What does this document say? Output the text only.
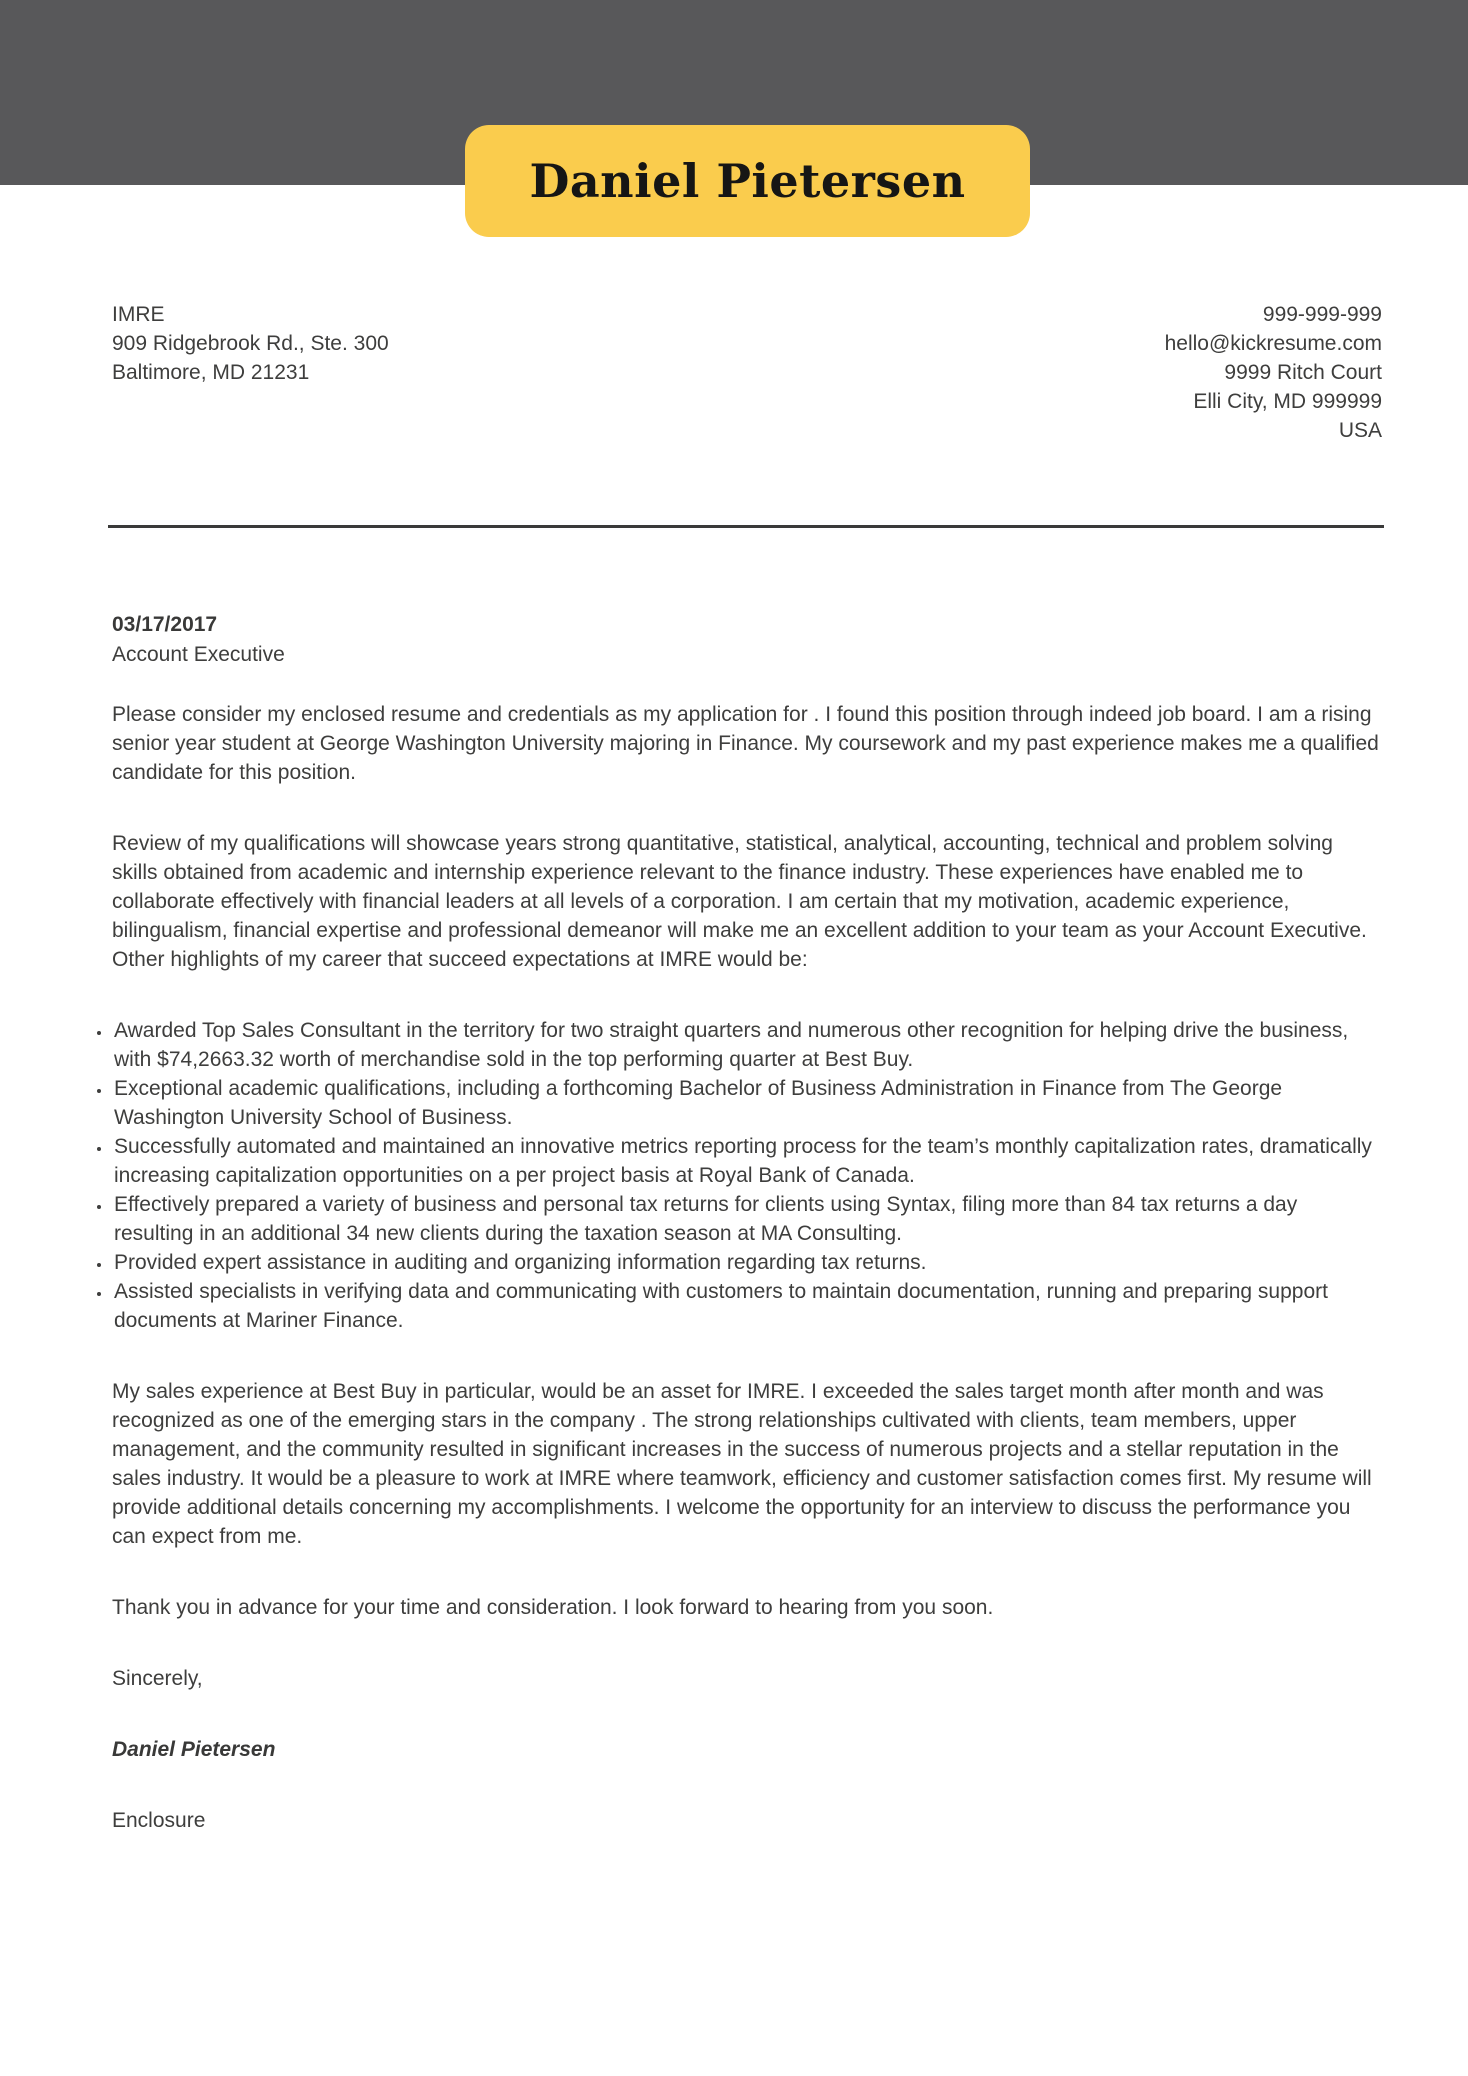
Daniel Pietersen
IMRE
909 Ridgebrook Rd., Ste. 300
Baltimore, MD 21231
999-999-999
hello@kickresume.com
9999 Ritch Court
Elli City, MD 999999
USA
03/17/2017
Account Executive

Please consider my enclosed resume and credentials as my application for . I found this position through indeed job board. I am a rising senior year student at George Washington University majoring in Finance. My coursework and my past experience makes me a qualified candidate for this position.

Review of my qualifications will showcase years strong quantitative, statistical, analytical, accounting, technical and problem solving skills obtained from academic and internship experience relevant to the finance industry. These experiences have enabled me to collaborate effectively with financial leaders at all levels of a corporation. I am certain that my motivation, academic experience, bilingualism, financial expertise and professional demeanor will make me an excellent addition to your team as your Account Executive.
Other highlights of my career that succeed expectations at IMRE would be:

• Awarded Top Sales Consultant in the territory for two straight quarters and numerous other recognition for helping drive the business, with $74,2663.32 worth of merchandise sold in the top performing quarter at Best Buy.
• Exceptional academic qualifications, including a forthcoming Bachelor of Business Administration in Finance from The George Washington University School of Business.
• Successfully automated and maintained an innovative metrics reporting process for the team’s monthly capitalization rates, dramatically increasing capitalization opportunities on a per project basis at Royal Bank of Canada.
• Effectively prepared a variety of business and personal tax returns for clients using Syntax, filing more than 84 tax returns a day resulting in an additional 34 new clients during the taxation season at MA Consulting.
• Provided expert assistance in auditing and organizing information regarding tax returns.
• Assisted specialists in verifying data and communicating with customers to maintain documentation, running and preparing support documents at Mariner Finance.

My sales experience at Best Buy in particular, would be an asset for IMRE. I exceeded the sales target month after month and was recognized as one of the emerging stars in the company . The strong relationships cultivated with clients, team members, upper management, and the community resulted in significant increases in the success of numerous projects and a stellar reputation in the sales industry. It would be a pleasure to work at IMRE where teamwork, efficiency and customer satisfaction comes first. My resume will provide additional details concerning my accomplishments. I welcome the opportunity for an interview to discuss the performance you can expect from me.

Thank you in advance for your time and consideration. I look forward to hearing from you soon.

Sincerely,

Daniel Pietersen

Enclosure
